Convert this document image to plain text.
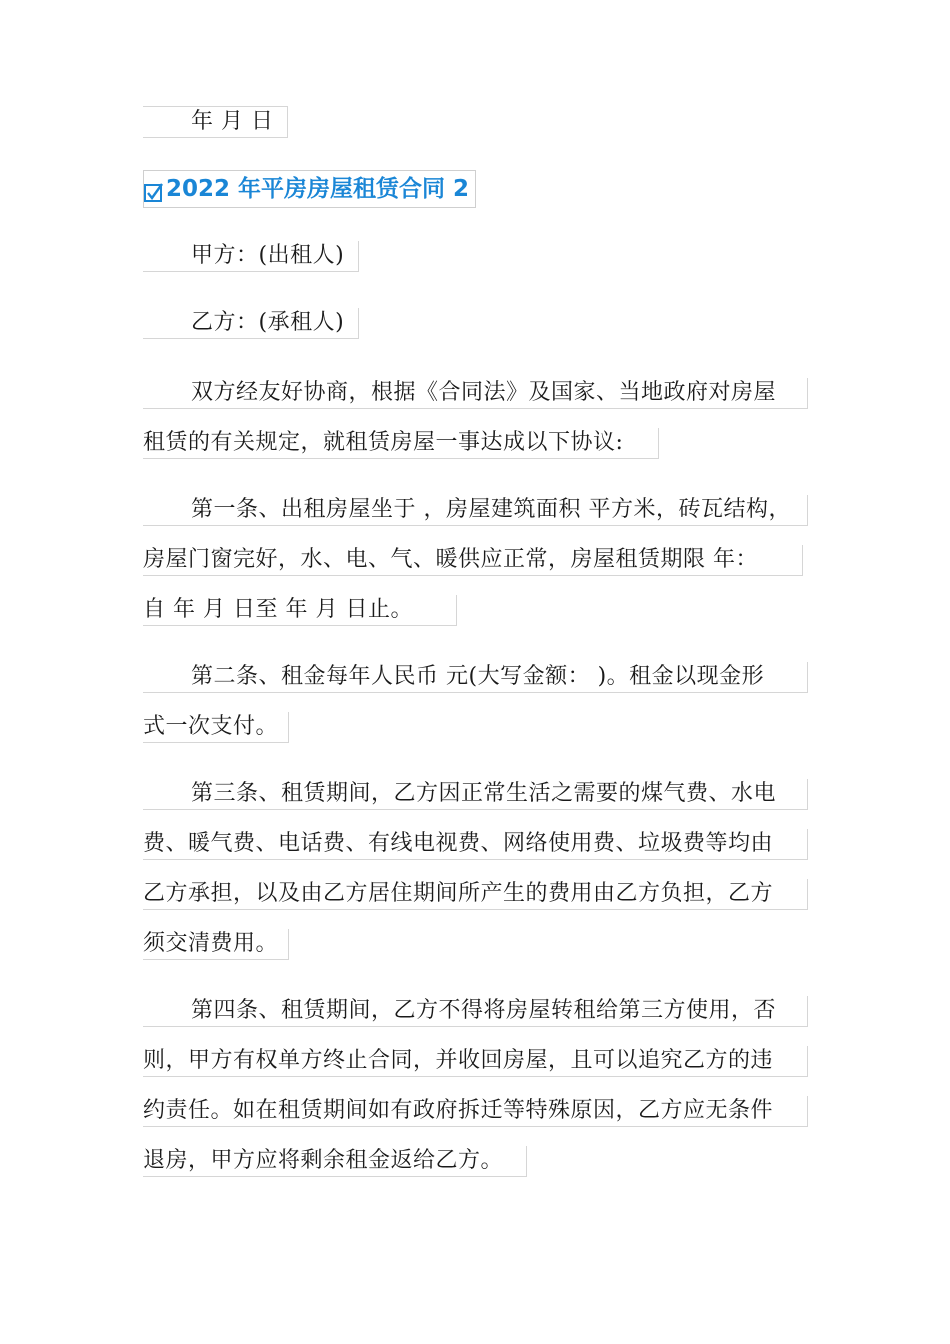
年 月 日
2022 年平房房屋租赁合同 2
甲方：(出租人)
乙方：(承租人)
双方经友好协商，根据《合同法》及国家、当地政府对房屋
租赁的有关规定，就租赁房屋一事达成以下协议:
第一条、出租房屋坐于 ，房屋建筑面积 平方米，砖瓦结构，
房屋门窗完好，水、电、气、暖供应正常，房屋租赁期限 年：
自 年 月 日至 年 月 日止。
第二条、租金每年人民币 元(大写金额： )。租金以现金形
式一次支付。
第三条、租赁期间，乙方因正常生活之需要的煤气费、水电
费、暖气费、电话费、有线电视费、网络使用费、垃圾费等均由
乙方承担，以及由乙方居住期间所产生的费用由乙方负担，乙方
须交清费用。
第四条、租赁期间，乙方不得将房屋转租给第三方使用，否
则，甲方有权单方终止合同，并收回房屋，且可以追究乙方的违
约责任。如在租赁期间如有政府拆迁等特殊原因，乙方应无条件
退房，甲方应将剩余租金返给乙方。
